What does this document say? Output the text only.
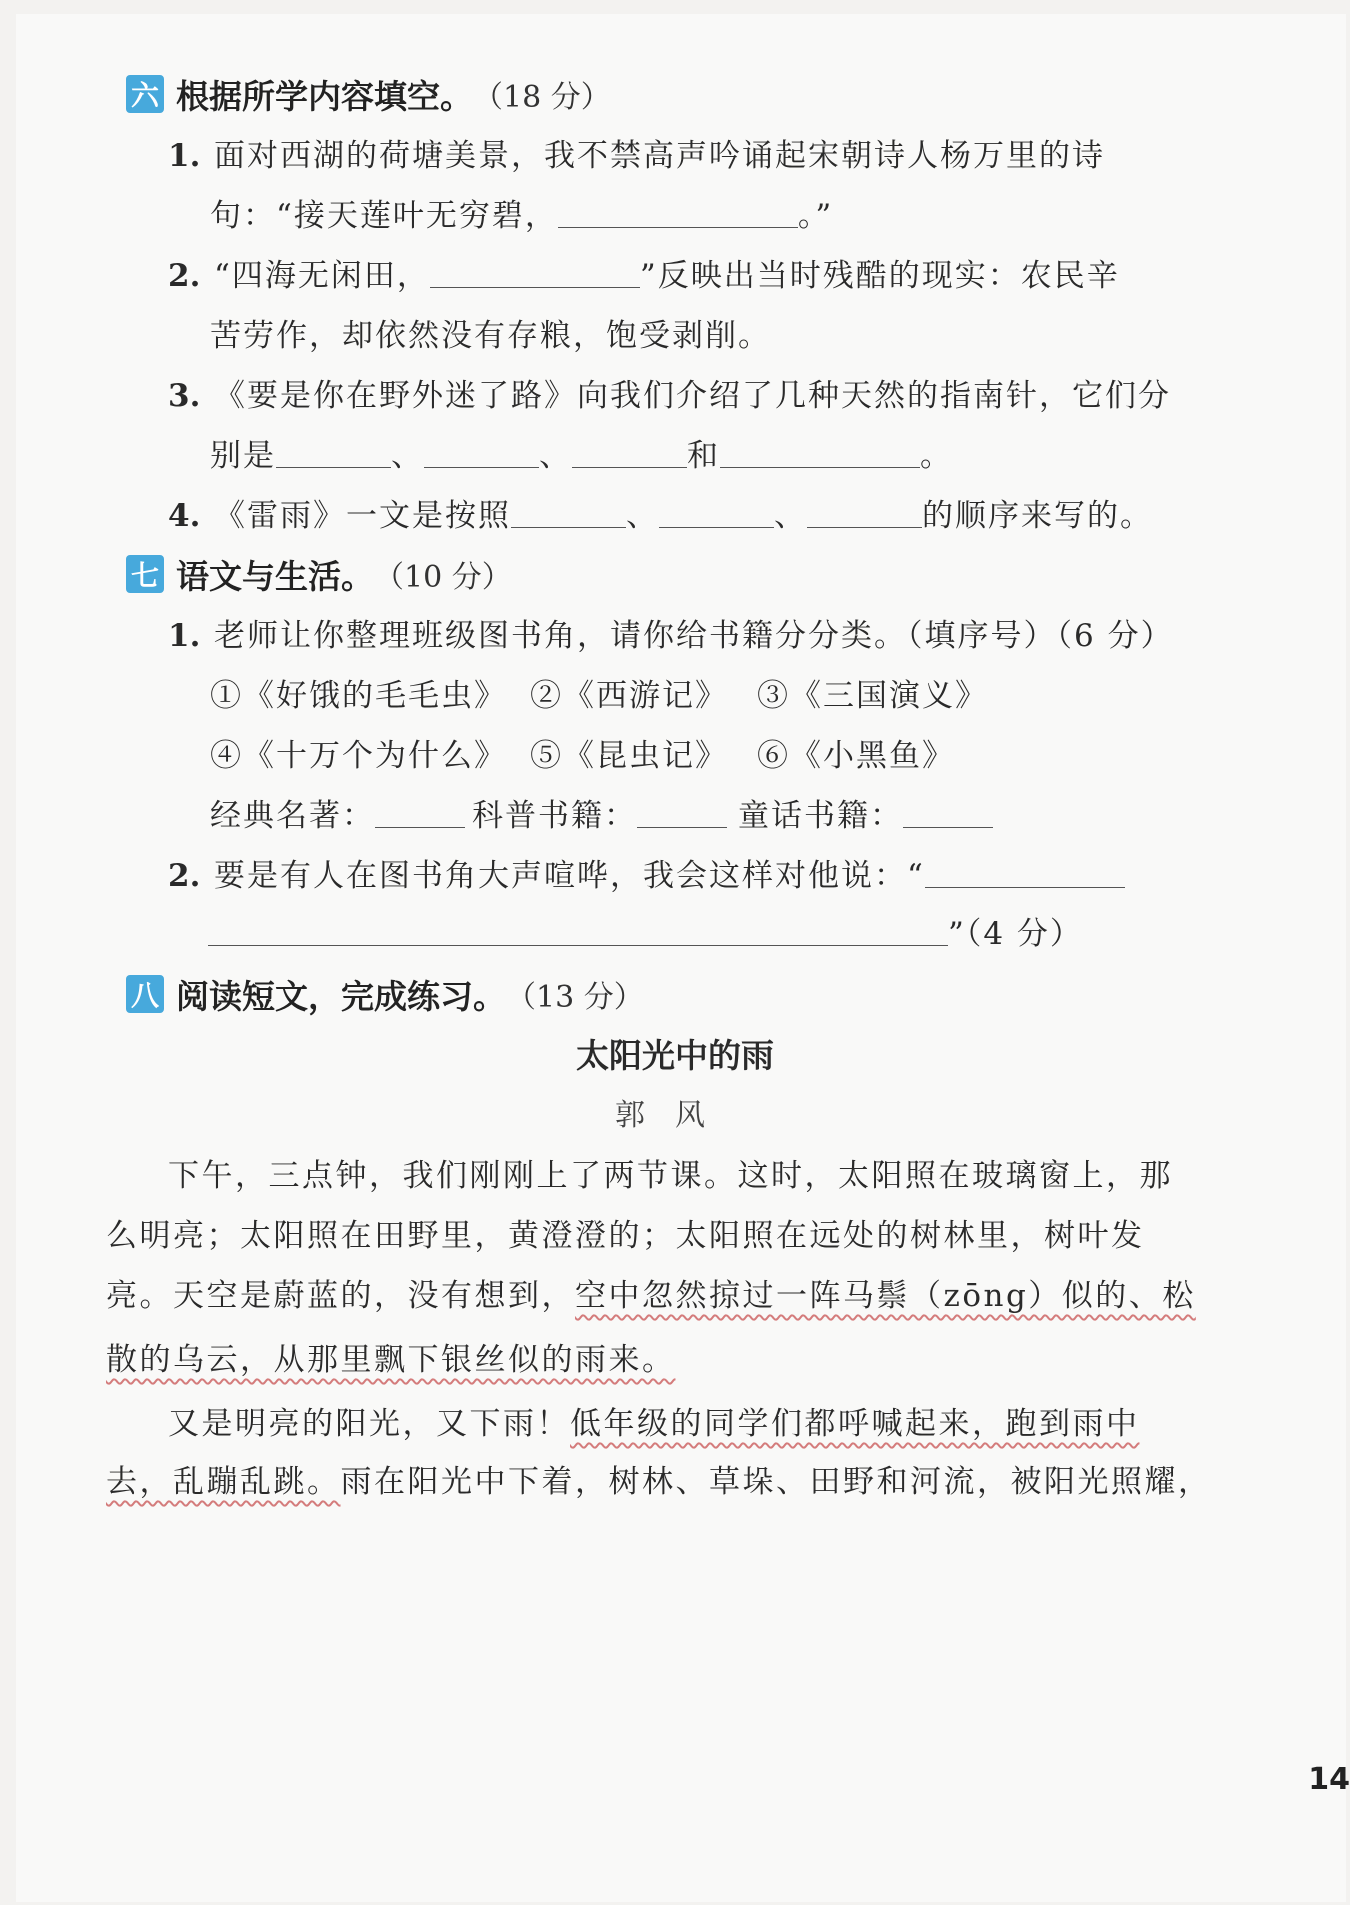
六 根据所学内容填空。 （18 分）
1. 面对西湖的荷塘美景，我不禁高声吟诵起宋朝诗人杨万里的诗
句：“接天莲叶无穷碧，	。”
2. “四海无闲田，	”反映出当时残酷的现实：农民辛
苦劳作，却依然没有存粮，饱受剥削。
3. 《要是你在野外迷了路》向我们介绍了几种天然的指南针，它们分
别是	、	、	和	。
4. 《雷雨》一文是按照	、	、	的顺序来写的。
七 语文与生活。 （10 分）
1. 老师让你整理班级图书角，请你给书籍分分类。（填序号）（6 分）
①《好饿的毛毛虫》 ②《西游记》 ③《三国演义》
④《十万个为什么》 ⑤《昆虫记》 ⑥《小黑鱼》
经典名著：	科普书籍：	童话书籍：
2. 要是有人在图书角大声喧哗，我会这样对他说：“
”（4 分）
八 阅读短文，完成练习。 （13 分）
太阳光中的雨
郭风
下午，三点钟，我们刚刚上了两节课。这时，太阳照在玻璃窗上，那
么明亮；太阳照在田野里，黄澄澄的；太阳照在远处的树林里，树叶发
亮。天空是蔚蓝的，没有想到，空中忽然掠过一阵马鬃（zōng）似的、松
散的乌云，从那里飘下银丝似的雨来。
又是明亮的阳光，又下雨！低年级的同学们都呼喊起来，跑到雨中
去，乱蹦乱跳。雨在阳光中下着，树林、草垛、田野和河流，被阳光照耀，
14
